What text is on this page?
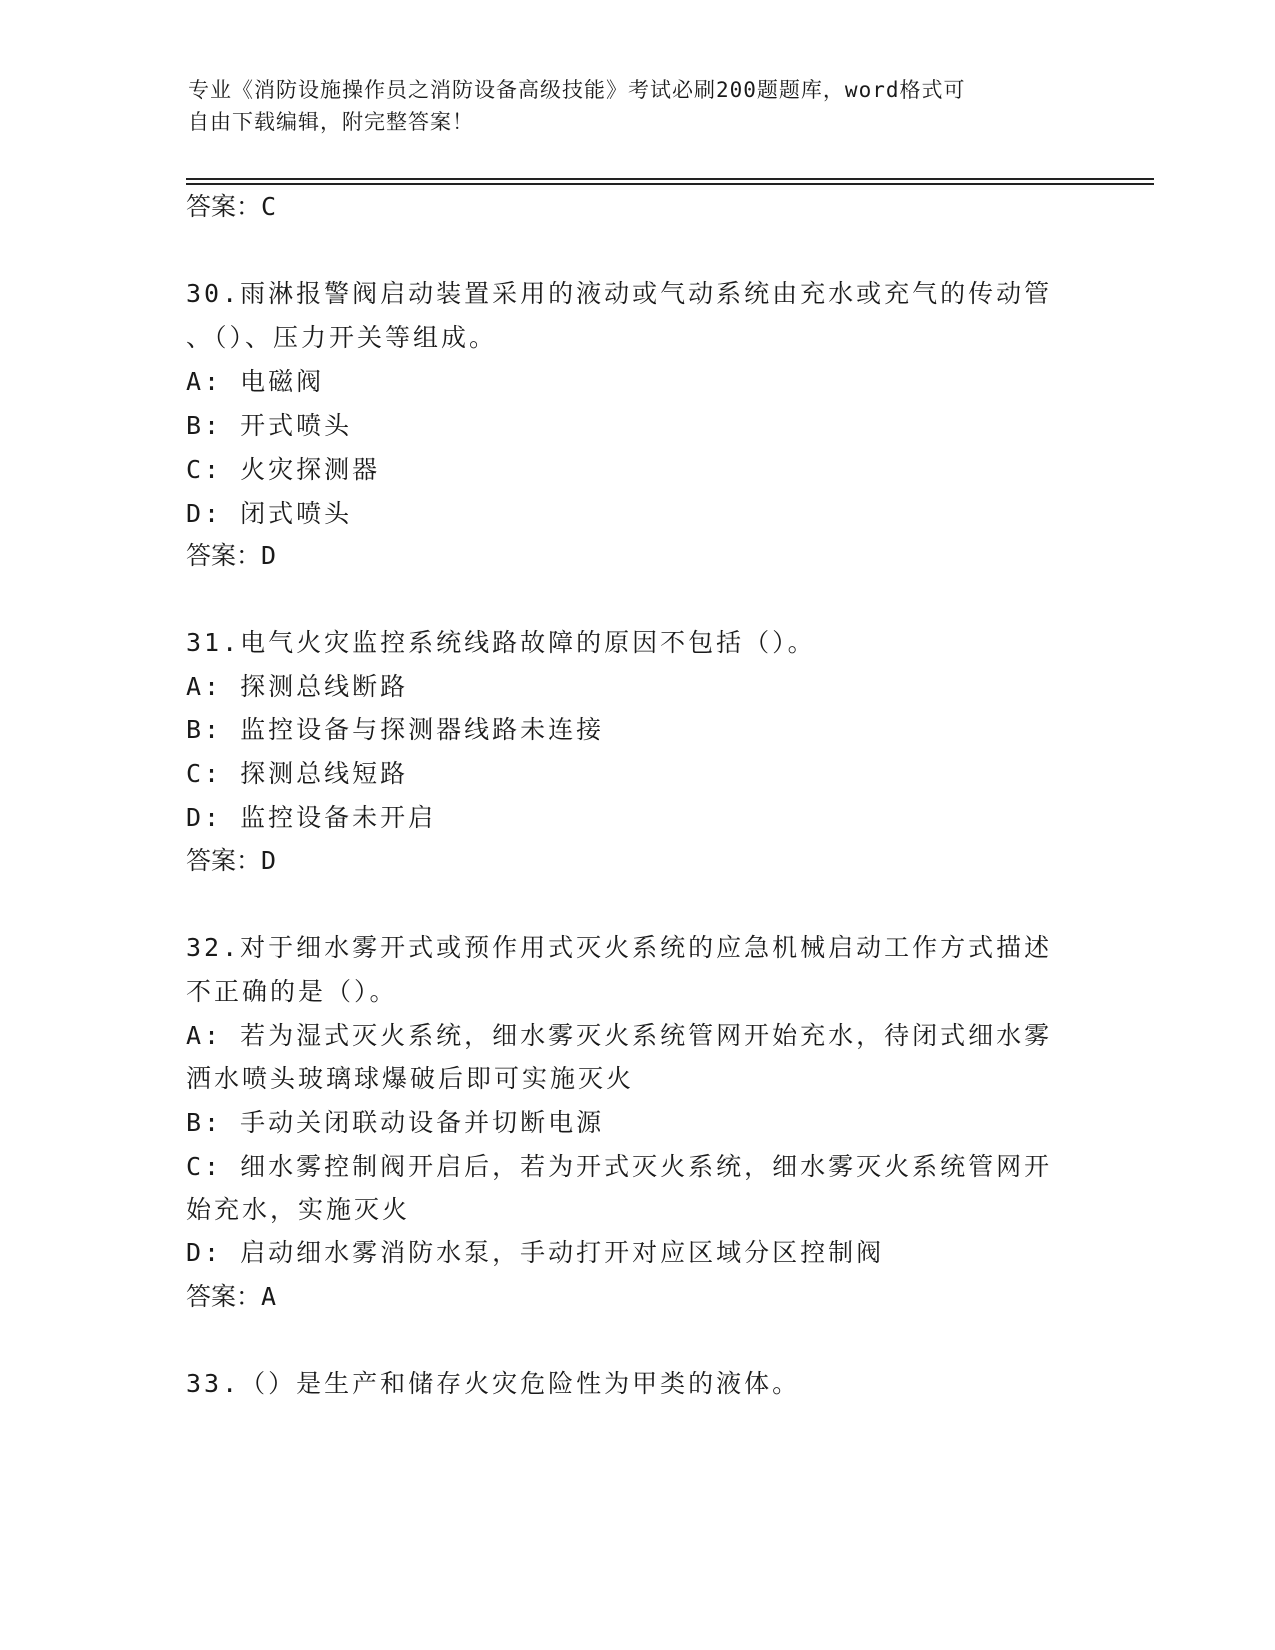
专业《消防设施操作员之消防设备高级技能》考试必刷200题题库，word格式可
自由下载编辑，附完整答案！
答案：C
30.雨淋报警阀启动装置采用的液动或气动系统由充水或充气的传动管
、（）、压力开关等组成。
A: 电磁阀
B: 开式喷头
C: 火灾探测器
D: 闭式喷头
答案：D
31.电气火灾监控系统线路故障的原因不包括（）。
A: 探测总线断路
B: 监控设备与探测器线路未连接
C: 探测总线短路
D: 监控设备未开启
答案：D
32.对于细水雾开式或预作用式灭火系统的应急机械启动工作方式描述
不正确的是（）。
A: 若为湿式灭火系统，细水雾灭火系统管网开始充水，待闭式细水雾
洒水喷头玻璃球爆破后即可实施灭火
B: 手动关闭联动设备并切断电源
C: 细水雾控制阀开启后，若为开式灭火系统，细水雾灭火系统管网开
始充水，实施灭火
D: 启动细水雾消防水泵，手动打开对应区域分区控制阀
答案：A
33.（）是生产和储存火灾危险性为甲类的液体。
